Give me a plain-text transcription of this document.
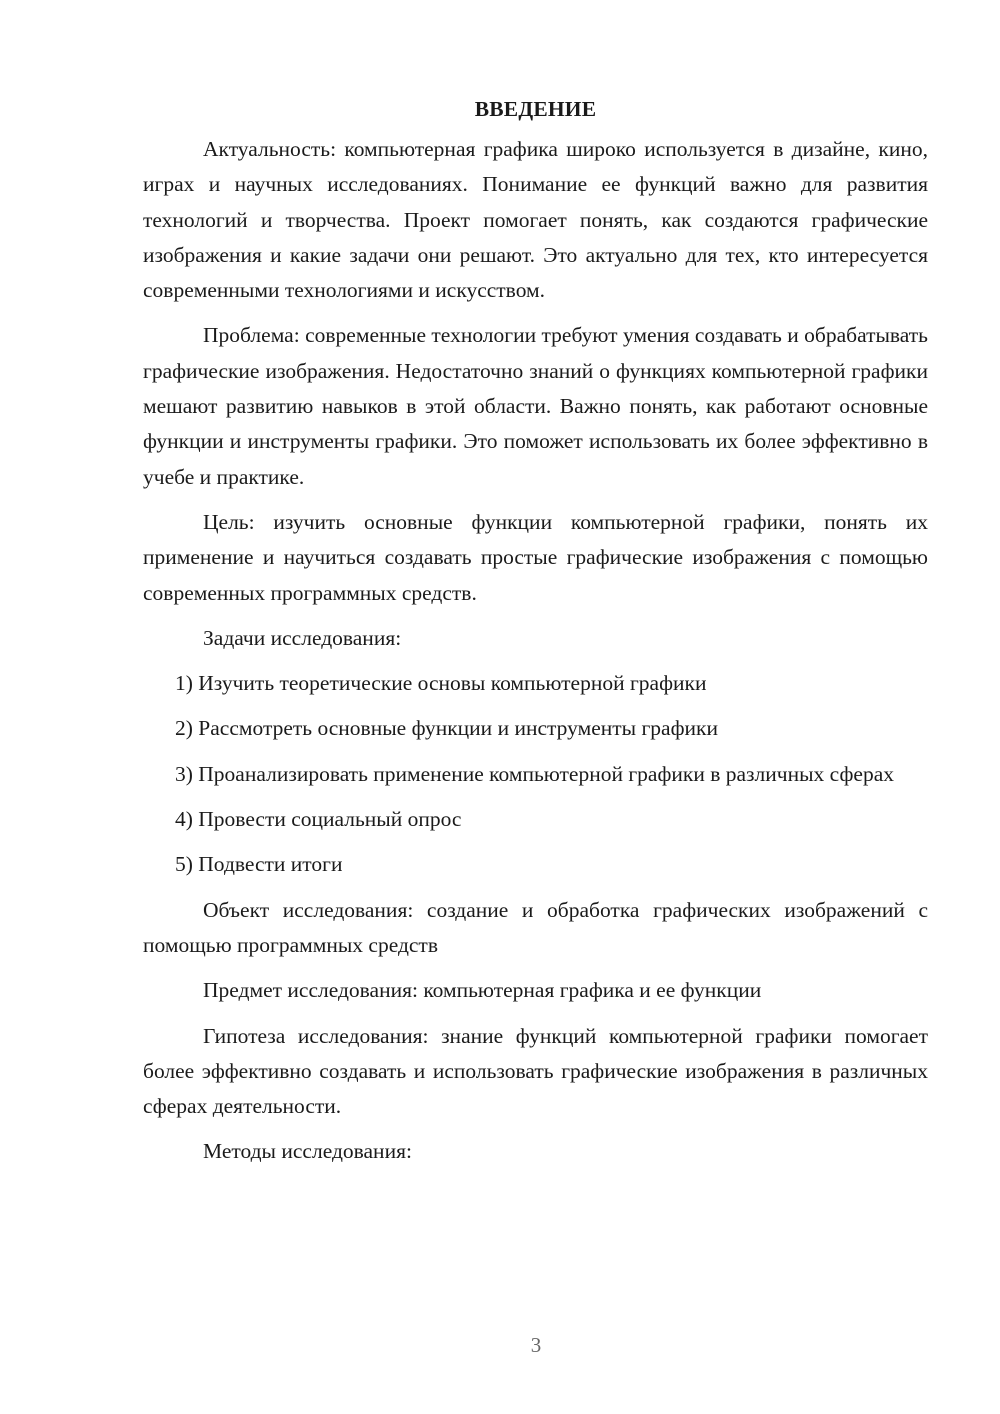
ВВЕДЕНИЕ

Актуальность: компьютерная графика широко используется в дизайне, кино, играх и научных исследованиях. Понимание ее функций важно для развития технологий и творчества. Проект помогает понять, как создаются графические изображения и какие задачи они решают. Это актуально для тех, кто интересуется современными технологиями и искусством.

Проблема: современные технологии требуют умения создавать и обрабатывать графические изображения. Недостаточно знаний о функциях компьютерной графики мешают развитию навыков в этой области. Важно понять, как работают основные функции и инструменты графики. Это поможет использовать их более эффективно в учебе и практике.

Цель: изучить основные функции компьютерной графики, понять их применение и научиться создавать простые графические изображения с помощью современных программных средств.

Задачи исследования:

1) Изучить теоретические основы компьютерной графики

2) Рассмотреть основные функции и инструменты графики

3) Проанализировать применение компьютерной графики в различных сферах

4) Провести социальный опрос

5) Подвести итоги

Объект исследования: создание и обработка графических изображений с помощью программных средств

Предмет исследования: компьютерная графика и ее функции

Гипотеза исследования: знание функций компьютерной графики помогает более эффективно создавать и использовать графические изображения в различных сферах деятельности.

Методы исследования:

3
